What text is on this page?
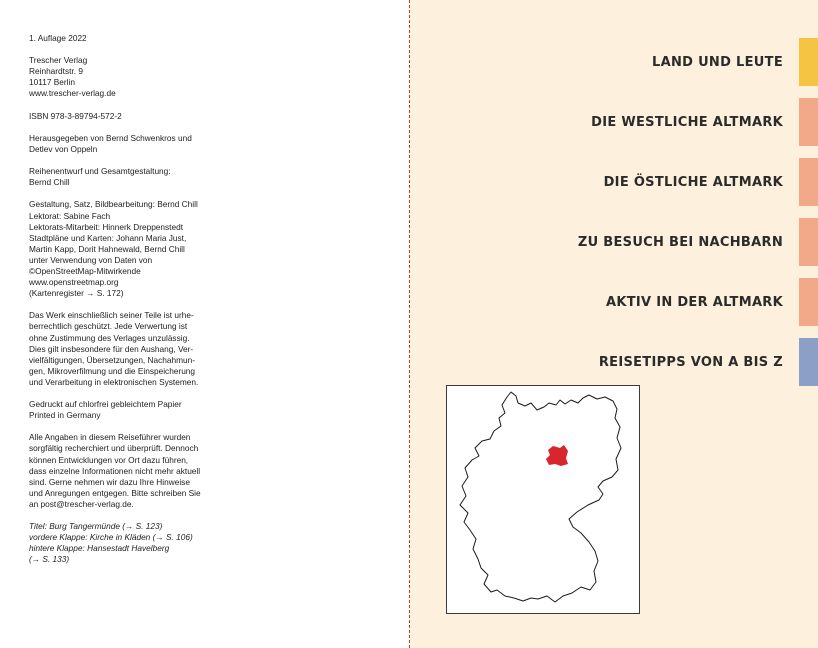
1. Auflage 2022

Trescher Verlag
Reinhardtstr. 9
10117 Berlin
www.trescher-verlag.de

ISBN 978-3-89794-572-2

Herausgegeben von Bernd Schwenkros und
Detlev von Oppeln

Reihenentwurf und Gesamtgestaltung:
Bernd Chill

Gestaltung, Satz, Bildbearbeitung: Bernd Chill
Lektorat: Sabine Fach
Lektorats-Mitarbeit: Hinnerk Dreppenstedt
Stadtpläne und Karten: Johann Maria Just,
Martin Kapp, Dorit Hahnewald, Bernd Chill
unter Verwendung von Daten von
©OpenStreetMap-Mitwirkende
www.openstreetmap.org
(Kartenregister → S. 172)

Das Werk einschließlich seiner Teile ist urhe-
berrechtlich geschützt. Jede Verwertung ist
ohne Zustimmung des Verlages unzulässig.
Dies gilt insbesondere für den Aushang, Ver-
vielfältigungen, Übersetzungen, Nachahmun-
gen, Mikroverfilmung und die Einspeicherung
und Verarbeitung in elektronischen Systemen.

Gedruckt auf chlorfrei gebleichtem Papier
Printed in Germany

Alle Angaben in diesem Reiseführer wurden
sorgfältig recherchiert und überprüft. Dennoch
können Entwicklungen vor Ort dazu führen,
dass einzelne Informationen nicht mehr aktuell
sind. Gerne nehmen wir dazu Ihre Hinweise
und Anregungen entgegen. Bitte schreiben Sie
an post@trescher-verlag.de.

Titel: Burg Tangermünde (→ S. 123)
vordere Klappe: Kirche in Kläden (→ S. 106)
hintere Klappe: Hansestadt Havelberg
(→ S. 133)

LAND UND LEUTE
DIE WESTLICHE ALTMARK
DIE ÖSTLICHE ALTMARK
ZU BESUCH BEI NACHBARN
AKTIV IN DER ALTMARK
REISETIPPS VON A BIS Z
